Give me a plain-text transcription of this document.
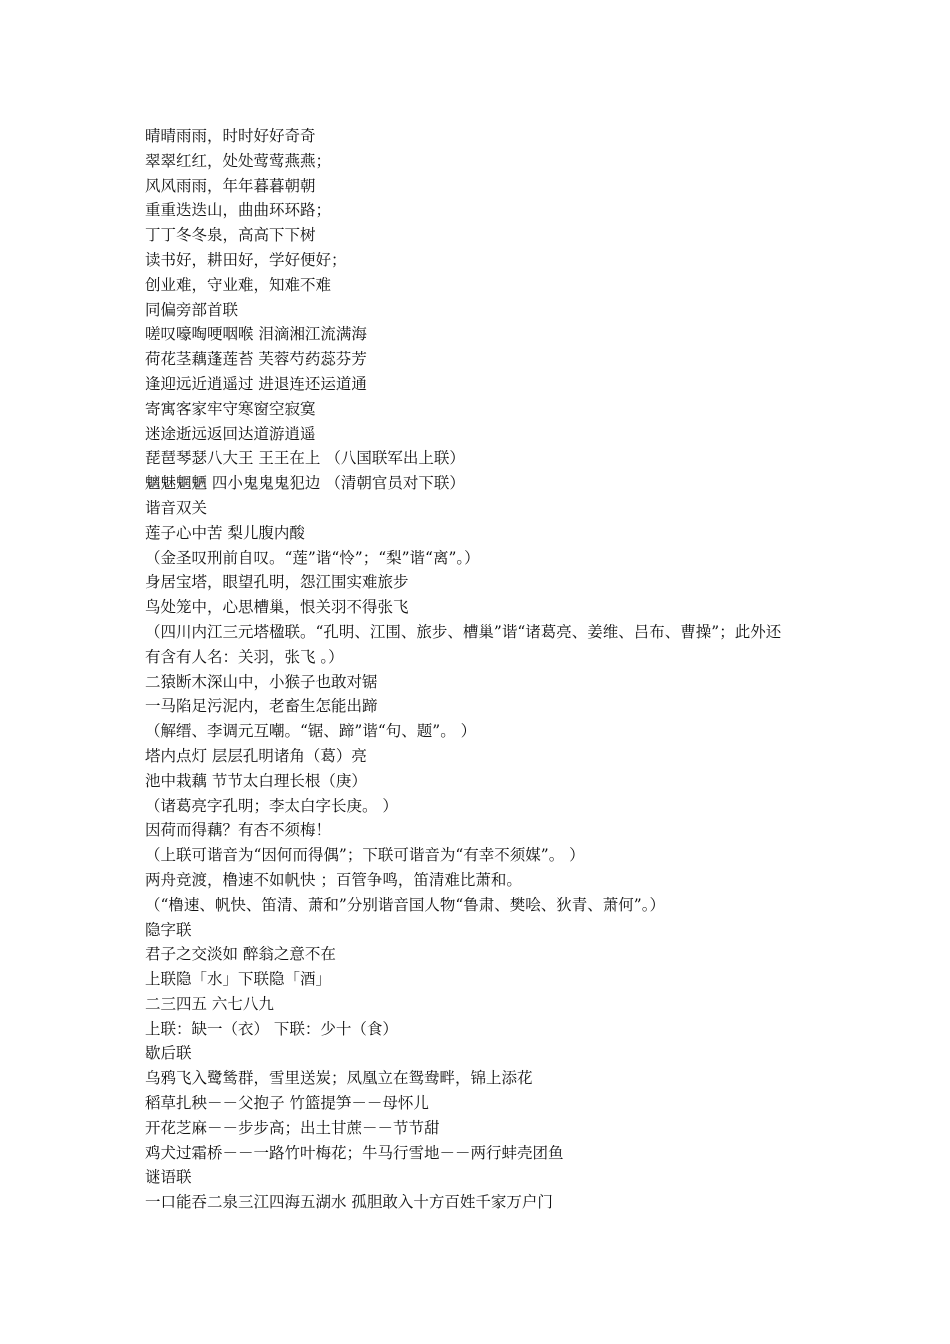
晴晴雨雨，时时好好奇奇
翠翠红红，处处莺莺燕燕；
风风雨雨，年年暮暮朝朝
重重迭迭山，曲曲环环路；
丁丁冬冬泉，高高下下树
读书好，耕田好，学好便好；
创业难，守业难，知难不难
同偏旁部首联
嗟叹嚎啕哽咽喉 泪滴湘江流满海
荷花茎藕蓬莲苔 芙蓉芍药蕊芬芳
逢迎远近逍遥过 进退连还运道通
寄寓客家牢守寒窗空寂寞
迷途逝远返回达道游逍遥
琵琶琴瑟八大王 王王在上 （八国联军出上联）
魑魅魍魉 四小鬼鬼鬼犯边 （清朝官员对下联）
谐音双关
莲子心中苦 梨儿腹内酸
（金圣叹刑前自叹。“莲”谐“怜”；“梨”谐“离”。）
身居宝塔，眼望孔明，怨江围实难旅步
鸟处笼中，心思槽巢，恨关羽不得张飞
（四川内江三元塔楹联。“孔明、江围、旅步、槽巢”谐“诸葛亮、姜维、吕布、曹操”；此外还
有含有人名：关羽，张飞 。）
二猿断木深山中，小猴子也敢对锯
一马陷足污泥内，老畜生怎能出蹄
（解缙、李调元互嘲。“锯、蹄”谐“句、题”。 ）
塔内点灯 层层孔明诸角（葛）亮
池中栽藕 节节太白理长根（庚）
（诸葛亮字孔明；李太白字长庚。 ）
因荷而得藕？有杏不须梅！
（上联可谐音为“因何而得偶”；下联可谐音为“有幸不须媒”。 ）
两舟竞渡，橹速不如帆快 ；百管争鸣，笛清难比萧和。
（“橹速、帆快、笛清、萧和”分别谐音国人物“鲁肃、樊哙、狄青、萧何”。）
隐字联
君子之交淡如 醉翁之意不在
上联隐「水」下联隐「酒」
二三四五 六七八九
上联：缺一（衣） 下联：少十（食）
歇后联
乌鸦飞入鹭鸶群，雪里送炭；凤凰立在鸳鸯畔，锦上添花
稻草扎秧－－父抱子 竹篮提笋－－母怀儿
开花芝麻－－步步高；出土甘蔗－－节节甜
鸡犬过霜桥－－一路竹叶梅花；牛马行雪地－－两行蚌壳团鱼
谜语联
一口能吞二泉三江四海五湖水 孤胆敢入十方百姓千家万户门
